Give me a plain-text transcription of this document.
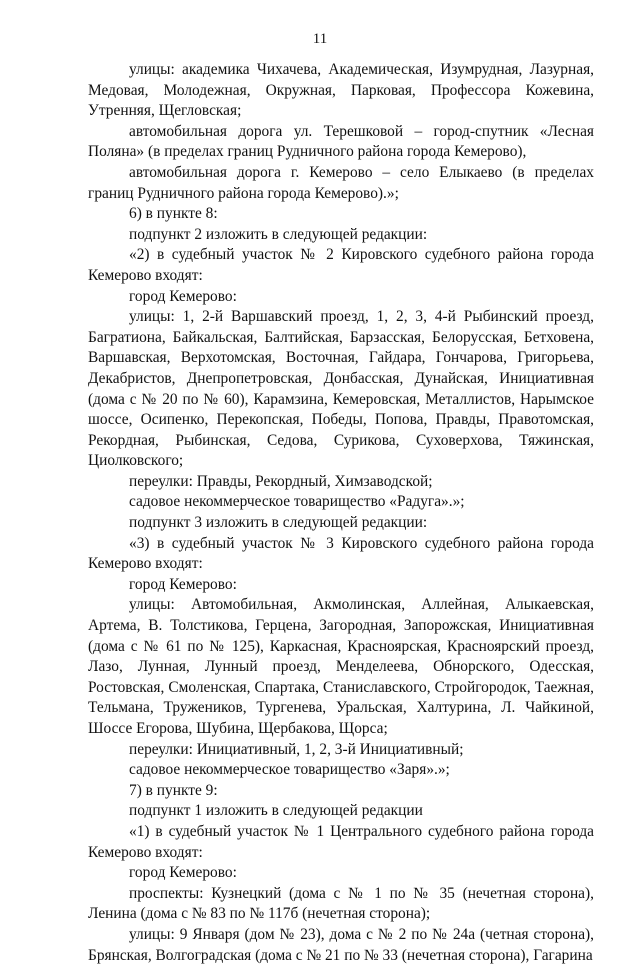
11

улицы: академика Чихачева, Академическая, Изумрудная, Лазурная, Медовая, Молодежная, Окружная, Парковая, Профессора Кожевина, Утренняя, Щегловская;

автомобильная дорога ул. Терешковой – город-спутник «Лесная Поляна» (в пределах границ Рудничного района города Кемерово),

автомобильная дорога г. Кемерово – село Елыкаево (в пределах границ Рудничного района города Кемерово).»;

6) в пункте 8:

подпункт 2 изложить в следующей редакции:

«2) в судебный участок № 2 Кировского судебного района города Кемерово входят:

город Кемерово:

улицы: 1, 2-й Варшавский проезд, 1, 2, 3, 4-й Рыбинский проезд, Багратиона, Байкальская, Балтийская, Барзасская, Белорусская, Бетховена, Варшавская, Верхотомская, Восточная, Гайдара, Гончарова, Григорьева, Декабристов, Днепропетровская, Донбасская, Дунайская, Инициативная (дома с № 20 по № 60), Карамзина, Кемеровская, Металлистов, Нарымское шоссе, Осипенко, Перекопская, Победы, Попова, Правды, Правотомская, Рекордная, Рыбинская, Седова, Сурикова, Суховерхова, Тяжинская, Циолковского;

переулки: Правды, Рекордный, Химзаводской;

садовое некоммерческое товарищество «Радуга».»;

подпункт 3 изложить в следующей редакции:

«3) в судебный участок № 3 Кировского судебного района города Кемерово входят:

город Кемерово:

улицы: Автомобильная, Акмолинская, Аллейная, Алыкаевская, Артема, В. Толстикова, Герцена, Загородная, Запорожская, Инициативная (дома с № 61 по № 125), Каркасная, Красноярская, Красноярский проезд, Лазо, Лунная, Лунный проезд, Менделеева, Обнорского, Одесская, Ростовская, Смоленская, Спартака, Станиславского, Стройгородок, Таежная, Тельмана, Тружеников, Тургенева, Уральская, Халтурина, Л. Чайкиной, Шоссе Егорова, Шубина, Щербакова, Щорса;

переулки: Инициативный, 1, 2, 3-й Инициативный;

садовое некоммерческое товарищество «Заря».»;

7) в пункте 9:

подпункт 1 изложить в следующей редакции

«1) в судебный участок № 1 Центрального судебного района города Кемерово входят:

город Кемерово:

проспекты: Кузнецкий (дома с № 1 по № 35 (нечетная сторона), Ленина (дома с № 83 по № 117б (нечетная сторона);

улицы: 9 Января (дом № 23), дома с № 2 по № 24а (четная сторона), Брянская, Волгоградская (дома с № 21 по № 33 (нечетная сторона), Гагарина
